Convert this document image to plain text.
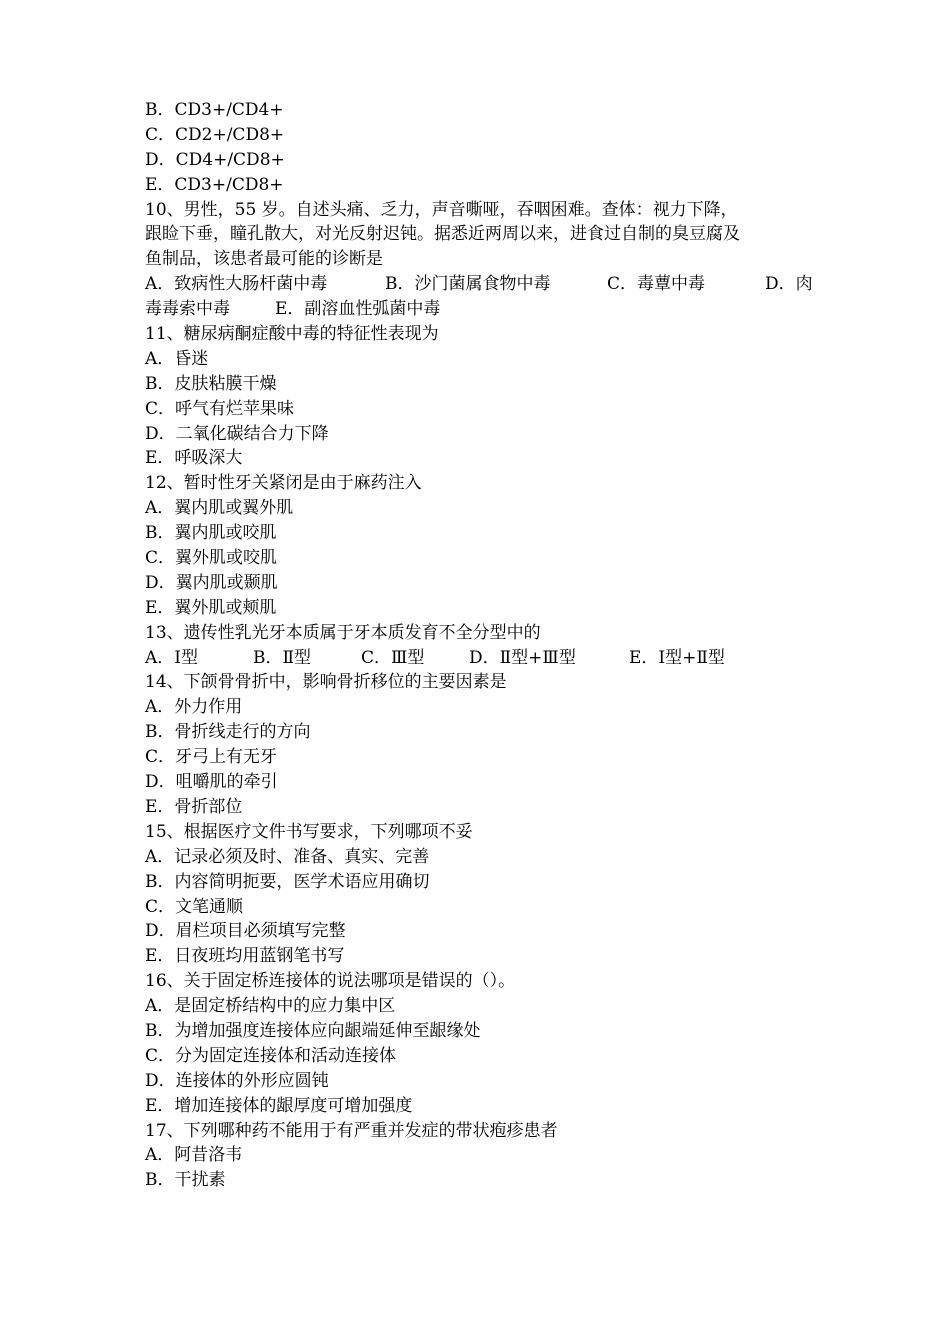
B．CD3+/CD4+
C．CD2+/CD8+
D．CD4+/CD8+
E．CD3+/CD8+
10、男性，55 岁。自述头痛、乏力，声音嘶哑，吞咽困难。查体：视力下降，
跟睑下垂，瞳孔散大，对光反射迟钝。据悉近两周以来，进食过自制的臭豆腐及
鱼制品，该患者最可能的诊断是
A．致病性大肠杆菌中毒	B．沙门菌属食物中毒	C．毒蕈中毒	D．肉
毒毒索中毒	E．副溶血性弧菌中毒
11、糖尿病酮症酸中毒的特征性表现为
A．昏迷
B．皮肤粘膜干燥
C．呼气有烂苹果味
D．二氧化碳结合力下降
E．呼吸深大
12、暂时性牙关紧闭是由于麻药注入
A．翼内肌或翼外肌
B．翼内肌或咬肌
C．翼外肌或咬肌
D．翼内肌或颞肌
E．翼外肌或颊肌
13、遗传性乳光牙本质属于牙本质发育不全分型中的
A．Ⅰ型	B．Ⅱ型	C．Ⅲ型	D．Ⅱ型+Ⅲ型	E．Ⅰ型+Ⅱ型
14、下颌骨骨折中，影响骨折移位的主要因素是
A．外力作用
B．骨折线走行的方向
C．牙弓上有无牙
D．咀嚼肌的牵引
E．骨折部位
15、根据医疗文件书写要求，下列哪项不妥
A．记录必须及时、准备、真实、完善
B．内容简明扼要，医学术语应用确切
C．文笔通顺
D．眉栏项目必须填写完整
E．日夜班均用蓝钢笔书写
16、关于固定桥连接体的说法哪项是错误的（）。
A．是固定桥结构中的应力集中区
B．为增加强度连接体应向龈端延伸至龈缘处
C．分为固定连接体和活动连接体
D．连接体的外形应圆钝
E．增加连接体的龈厚度可增加强度
17、下列哪种药不能用于有严重并发症的带状疱疹患者
A．阿昔洛韦
B．干扰素
